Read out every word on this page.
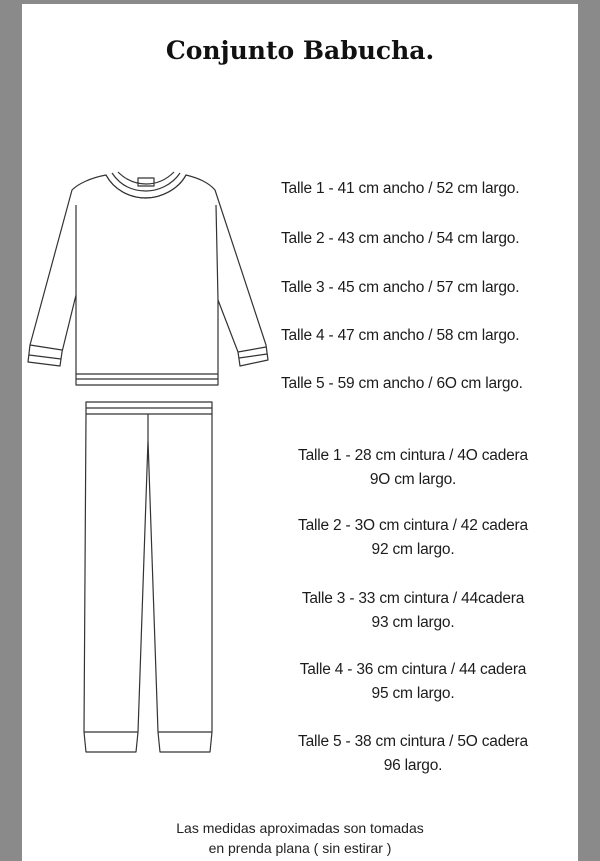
Conjunto Babucha.
Talle 1 - 41 cm ancho / 52 cm largo.
Talle 2 - 43 cm ancho / 54 cm largo.
Talle 3 - 45 cm ancho / 57 cm largo.
Talle 4 - 47 cm ancho / 58 cm largo.
Talle 5 - 59 cm ancho / 6O cm largo.
Talle 1 - 28 cm cintura / 4O cadera
9O cm largo.
Talle 2 - 3O cm cintura / 42 cadera
92 cm largo.
Talle 3 - 33 cm cintura / 44cadera
93 cm largo.
Talle 4 - 36 cm cintura / 44 cadera
95 cm largo.
Talle 5 - 38 cm cintura / 5O cadera
96 largo.
Las medidas aproximadas son tomadas
en prenda plana ( sin estirar )
